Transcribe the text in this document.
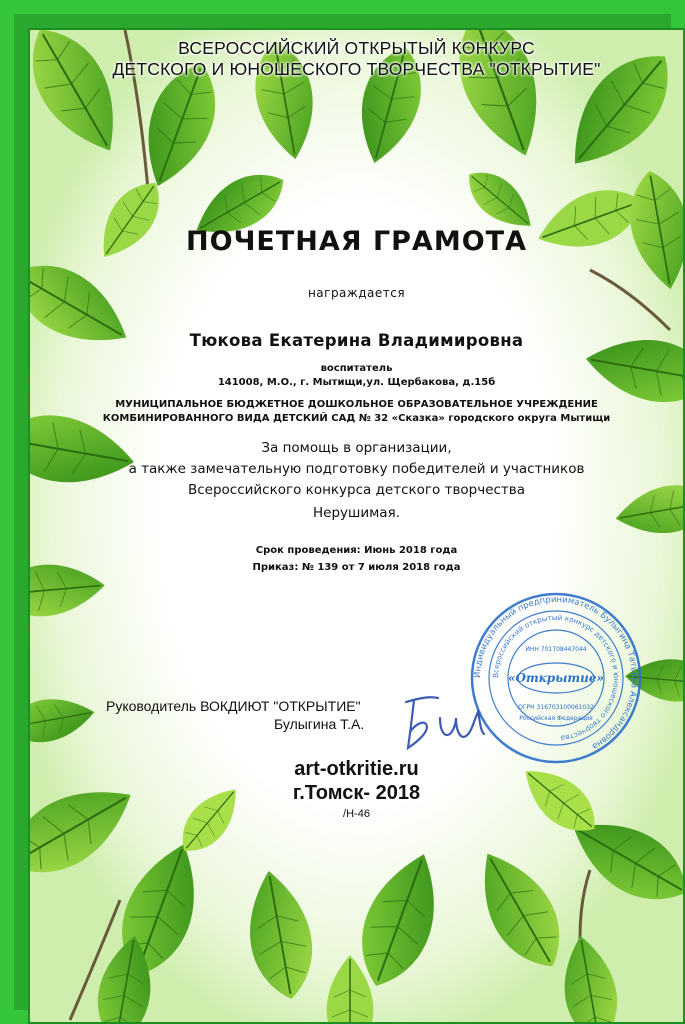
ВСЕРОССИЙСКИЙ ОТКРЫТЫЙ КОНКУРС
ДЕТСКОГО И ЮНОШЕСКОГО ТВОРЧЕСТВА "ОТКРЫТИЕ"
ПОЧЕТНАЯ ГРАМОТА
награждается
Тюкова Екатерина Владимировна
воспитатель
141008, М.О., г. Мытищи,ул. Щербакова, д.15б
МУНИЦИПАЛЬНОЕ БЮДЖЕТНОЕ ДОШКОЛЬНОЕ ОБРАЗОВАТЕЛЬНОЕ УЧРЕЖДЕНИЕ
КОМБИНИРОВАННОГО ВИДА ДЕТСКИЙ САД № 32 «Сказка» городского округа Мытищи
За помощь в организации,
а также замечательную подготовку победителей и участников
Всероссийского конкурса детского творчества
Нерушимая.
Срок проведения: Июнь 2018 года
Приказ: № 139 от 7 июля 2018 года
Индивидуальный предприниматель Булыгина Татьяна Александровна
Всероссийский открытый конкурс детского и юношеского творчества
ИНН 701708447044
«Открытие»
ОГРН 316703100061032
Российская Федерация
Руководитель ВОКДИЮТ "ОТКРЫТИЕ"
Булыгина Т.А.
art-otkritie.ru
г.Томск- 2018
/Н-46
